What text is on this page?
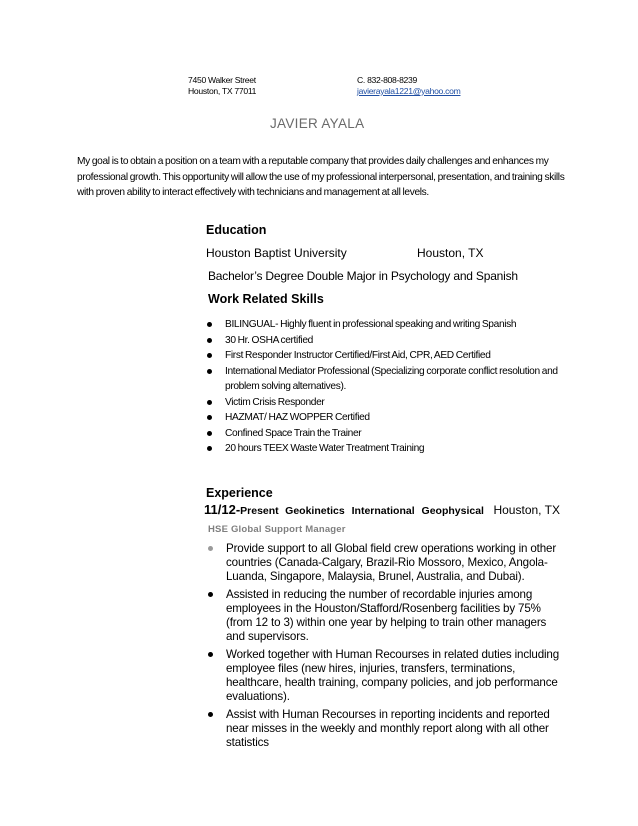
7450 Walker Street
Houston, TX 77011
C. 832-808-8239
javierayala1221@yahoo.com
JAVIER AYALA
My goal is to obtain a position on a team with a reputable company that provides daily challenges and enhances my professional growth. This opportunity will allow the use of my professional interpersonal, presentation, and training skills with proven ability to interact effectively with technicians and management at all levels.
Education
Houston Baptist University	Houston, TX
Bachelor’s Degree Double Major in Psychology and Spanish
Work Related Skills
BILINGUAL- Highly fluent in professional speaking and writing Spanish
30 Hr. OSHA certified
First Responder Instructor Certified/First Aid, CPR, AED Certified
International Mediator Professional (Specializing corporate conflict resolution and problem solving alternatives).
Victim Crisis Responder
HAZMAT/ HAZ WOPPER Certified
Confined Space Train the Trainer
20 hours TEEX Waste Water Treatment Training
Experience
11/12-Present Geokinetics International Geophysical Houston, TX
HSE Global Support Manager
Provide support to all Global field crew operations working in other countries (Canada-Calgary, Brazil-Rio Mossoro, Mexico, Angola-Luanda, Singapore, Malaysia, Brunel, Australia, and Dubai).
Assisted in reducing the number of recordable injuries among employees in the Houston/Stafford/Rosenberg facilities by 75% (from 12 to 3) within one year by helping to train other managers and supervisors.
Worked together with Human Recourses in related duties including employee files (new hires, injuries, transfers, terminations, healthcare, health training, company policies, and job performance evaluations).
Assist with Human Recourses in reporting incidents and reported near misses in the weekly and monthly report along with all other statistics
